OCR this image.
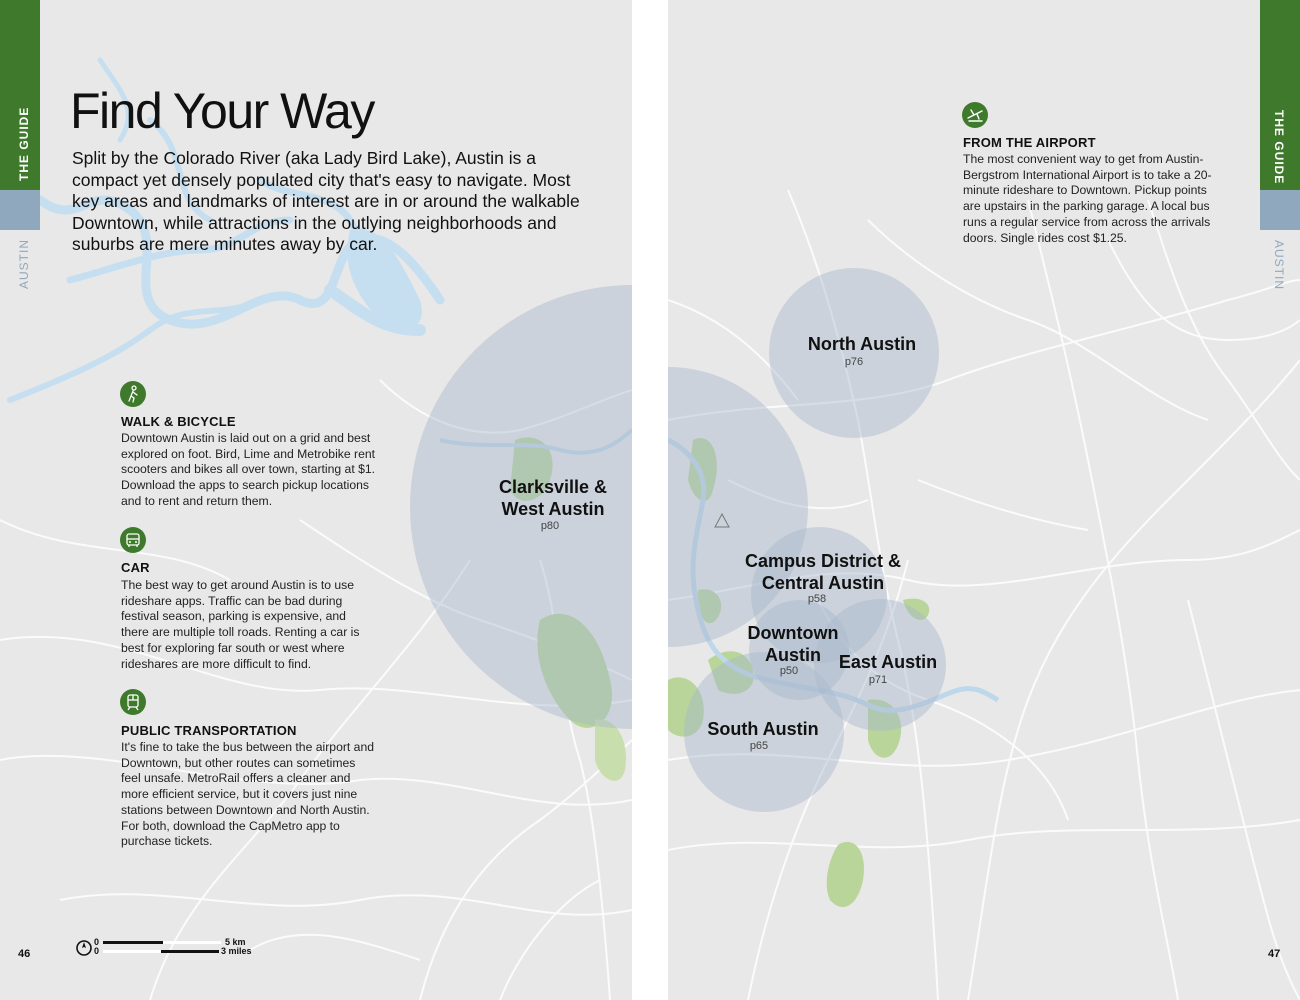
THE GUIDE
AUSTIN
Find Your Way

Split by the Colorado River (aka Lady Bird Lake), Austin is a compact yet densely populated city that's easy to navigate. Most key areas and landmarks of interest are in or around the walkable Downtown, while attractions in the outlying neighborhoods and suburbs are mere minutes away by car.

WALK & BICYCLE

Downtown Austin is laid out on a grid and best explored on foot. Bird, Lime and Metrobike rent scooters and bikes all over town, starting at $1. Download the apps to search pickup locations and to rent and return them.

CAR

The best way to get around Austin is to use rideshare apps. Traffic can be bad during festival season, parking is expensive, and there are multiple toll roads. Renting a car is best for exploring far south or west where rideshares are more difficult to find.

PUBLIC TRANSPORTATION

It's fine to take the bus between the airport and Downtown, but other routes can sometimes feel unsafe. MetroRail offers a cleaner and more efficient service, but it covers just nine stations between Downtown and North Austin. For both, download the CapMetro app to purchase tickets.

Clarksville &
West Austin
p80
0
0
5 km
3 miles
46
THE GUIDE
AUSTIN
FROM THE AIRPORT

The most convenient way to get from Austin-Bergstrom International Airport is to take a 20-minute rideshare to Downtown. Pickup points are upstairs in the parking garage. A local bus runs a regular service from across the arrivals doors. Single rides cost $1.25.

North Austin
p76
Campus District &
Central Austin
p58
Downtown
Austin
p50	East Austin
p71
South Austin
p65
47
